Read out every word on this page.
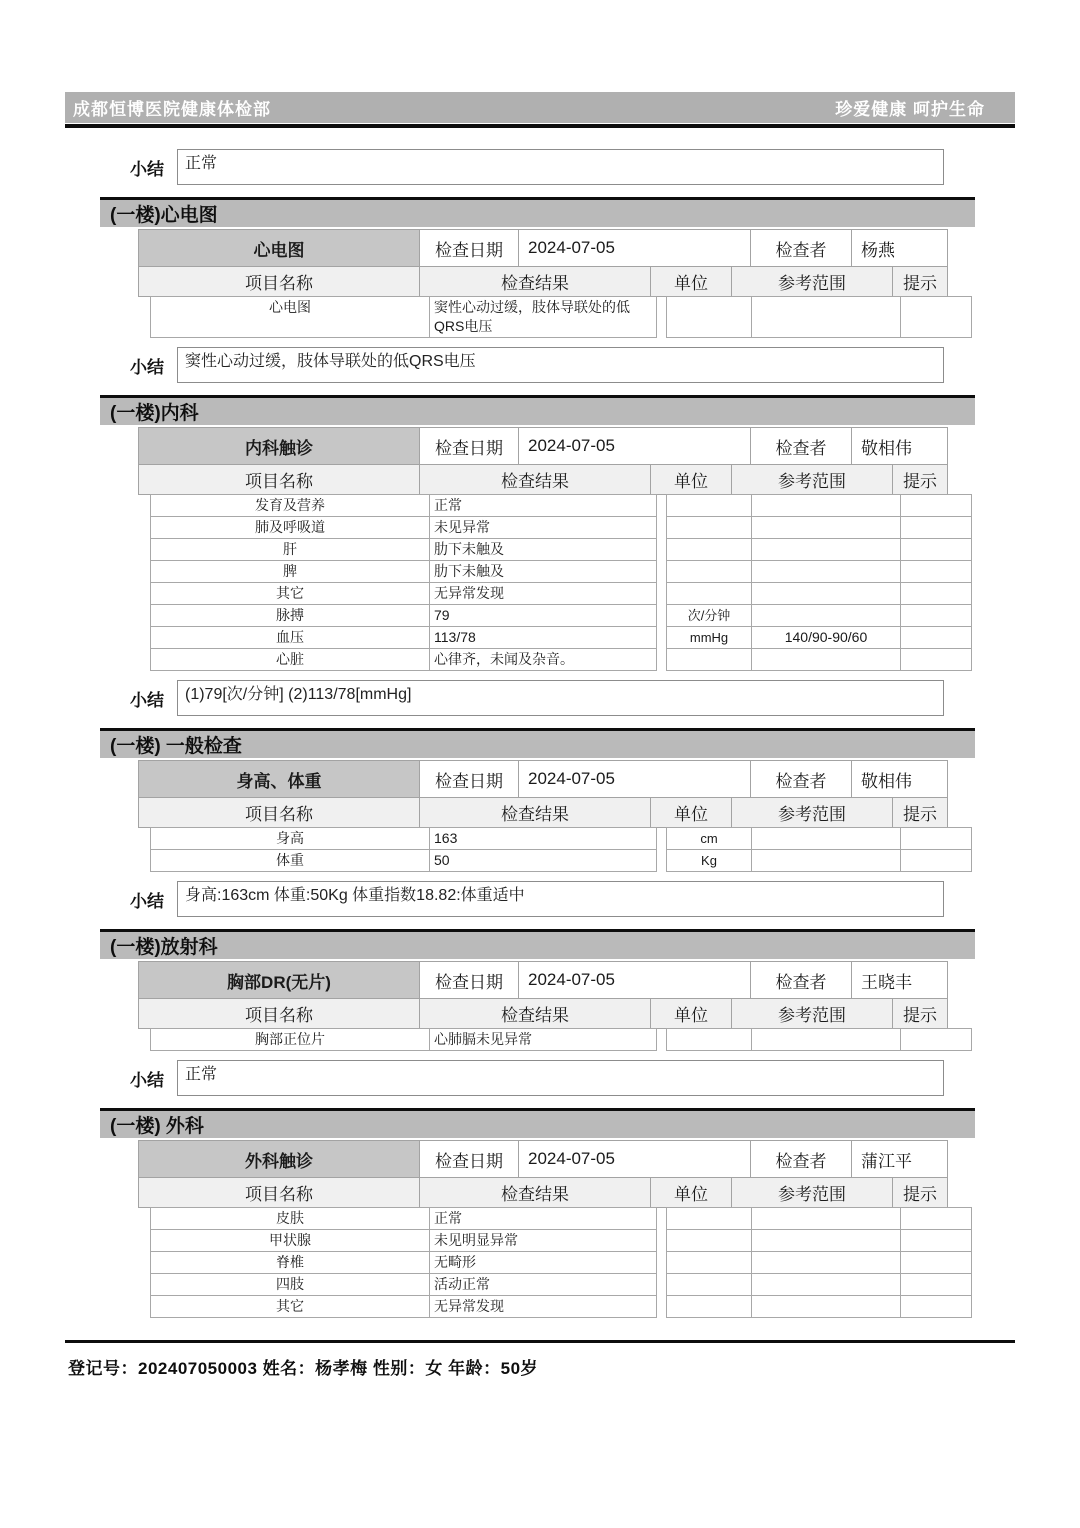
成都恒博医院健康体检部	珍爱健康 呵护生命
小结	正常
(一楼)心电图
心电图	检查日期	2024-07-05	检查者	杨燕
项目名称	检查结果	单位	参考范围	提示
心电图	窦性心动过缓，肢体导联处的低QRS电压
小结	窦性心动过缓，肢体导联处的低QRS电压
(一楼)内科
内科触诊	检查日期	2024-07-05	检查者	敬相伟
项目名称	检查结果	单位	参考范围	提示
发育及营养	正常
肺及呼吸道	未见异常
肝	肋下未触及
脾	肋下未触及
其它	无异常发现
脉搏	79	次/分钟
血压	113/78	mmHg	140/90-90/60
心脏	心律齐，未闻及杂音。
小结	(1)79[次/分钟] (2)113/78[mmHg]
(一楼) 一般检查
身高、体重	检查日期	2024-07-05	检查者	敬相伟
项目名称	检查结果	单位	参考范围	提示
身高	163	cm
体重	50	Kg
小结	身高:163cm 体重:50Kg 体重指数18.82:体重适中
(一楼)放射科
胸部DR(无片)	检查日期	2024-07-05	检查者	王晓丰
项目名称	检查结果	单位	参考范围	提示
胸部正位片	心肺膈未见异常
小结	正常
(一楼) 外科
外科触诊	检查日期	2024-07-05	检查者	蒲江平
项目名称	检查结果	单位	参考范围	提示
皮肤	正常
甲状腺	未见明显异常
脊椎	无畸形
四肢	活动正常
其它	无异常发现
登记号：202407050003 姓名：杨孝梅 性别：女 年龄：50岁
